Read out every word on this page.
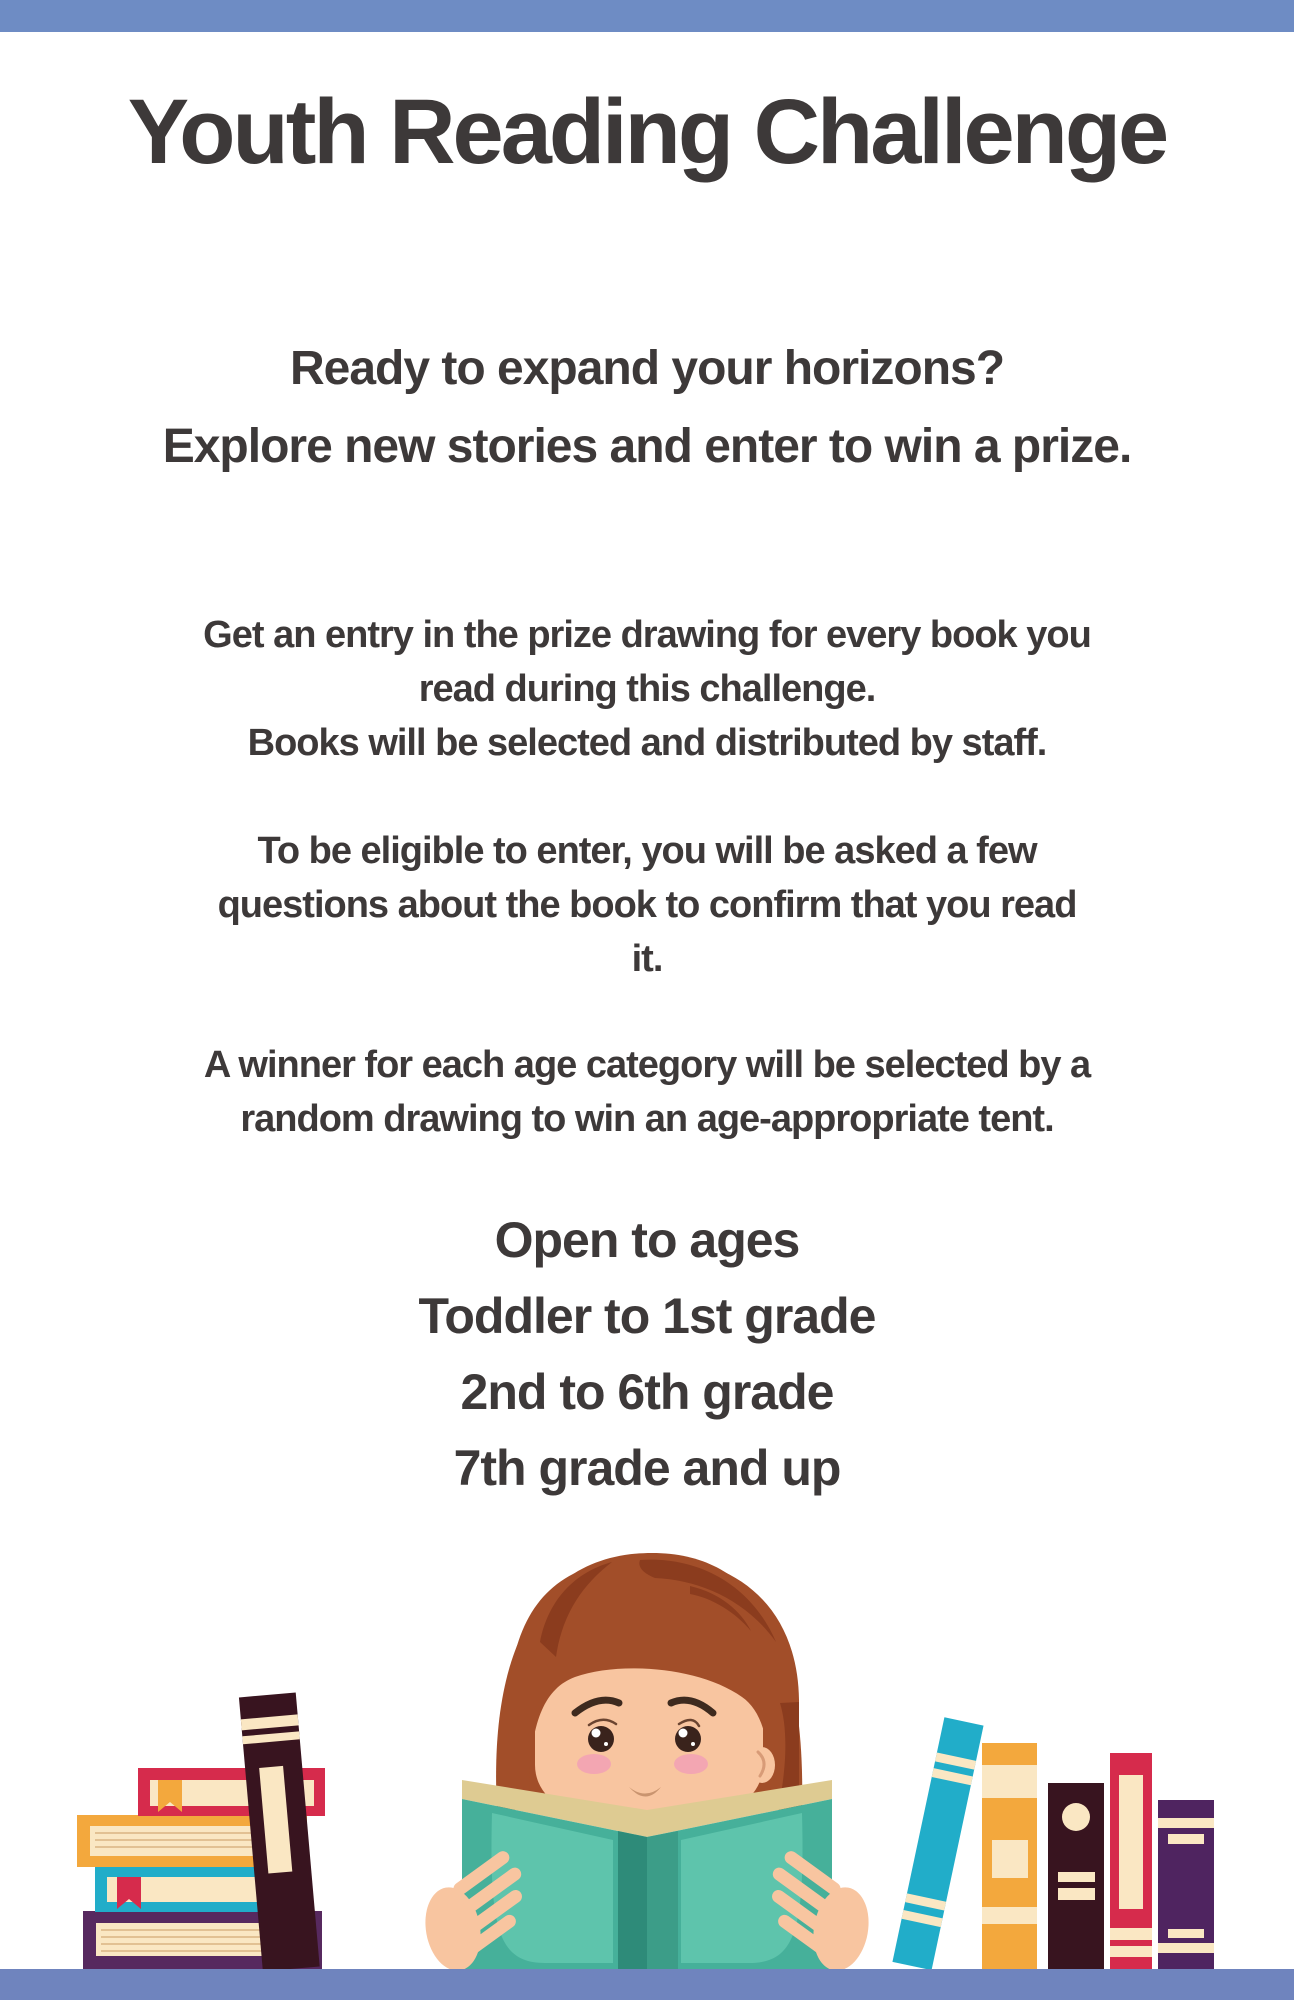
Youth Reading Challenge
Ready to expand your horizons?
Explore new stories and enter to win a prize.
Get an entry in the prize drawing for every book you
read during this challenge.
Books will be selected and distributed by staff.
To be eligible to enter, you will be asked a few
questions about the book to confirm that you read
it.
A winner for each age category will be selected by a
random drawing to win an age-appropriate tent.
Open to ages
Toddler to 1st grade
2nd to 6th grade
7th grade and up
